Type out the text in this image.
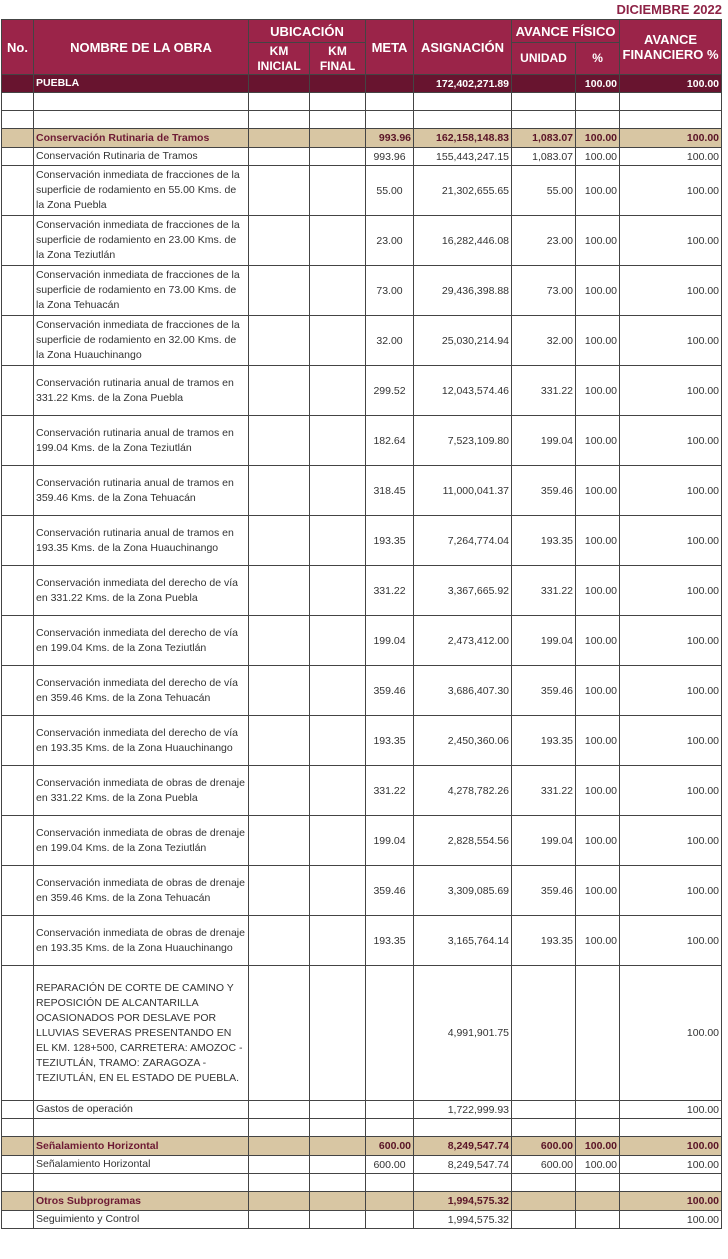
DICIEMBRE 2022
No.	NOMBRE DE LA OBRA	UBICACIÓN		META	ASIGNACIÓN	AVANCE FÍSICO		AVANCE FINANCIERO %
		KM INICIAL	KM FINAL			UNIDAD	%	
	PUEBLA				172,402,271.89		100.00	100.00

	Conservación Rutinaria de Tramos			993.96	162,158,148.83	1,083.07	100.00	100.00
	Conservación Rutinaria de Tramos			993.96	155,443,247.15	1,083.07	100.00	100.00
	Conservación inmediata de fracciones de la superficie de rodamiento en 55.00 Kms. de la Zona Puebla			55.00	21,302,655.65	55.00	100.00	100.00
	Conservación inmediata de fracciones de la superficie de rodamiento en 23.00 Kms. de la Zona Teziutlán			23.00	16,282,446.08	23.00	100.00	100.00
	Conservación inmediata de fracciones de la superficie de rodamiento en 73.00 Kms. de la Zona Tehuacán			73.00	29,436,398.88	73.00	100.00	100.00
	Conservación inmediata de fracciones de la superficie de rodamiento en 32.00 Kms. de la Zona Huauchinango			32.00	25,030,214.94	32.00	100.00	100.00
	Conservación rutinaria anual de tramos en 331.22 Kms. de la Zona Puebla			299.52	12,043,574.46	331.22	100.00	100.00
	Conservación rutinaria anual de tramos en 199.04 Kms. de la Zona Teziutlán			182.64	7,523,109.80	199.04	100.00	100.00
	Conservación rutinaria anual de tramos en 359.46 Kms. de la Zona Tehuacán			318.45	11,000,041.37	359.46	100.00	100.00
	Conservación rutinaria anual de tramos en 193.35 Kms. de la Zona Huauchinango			193.35	7,264,774.04	193.35	100.00	100.00
	Conservación inmediata del derecho de vía en 331.22 Kms. de la Zona Puebla			331.22	3,367,665.92	331.22	100.00	100.00
	Conservación inmediata del derecho de vía en 199.04 Kms. de la Zona Teziutlán			199.04	2,473,412.00	199.04	100.00	100.00
	Conservación inmediata del derecho de vía en 359.46 Kms. de la Zona Tehuacán			359.46	3,686,407.30	359.46	100.00	100.00
	Conservación inmediata del derecho de vía en 193.35 Kms. de la Zona Huauchinango			193.35	2,450,360.06	193.35	100.00	100.00
	Conservación inmediata de obras de drenaje en 331.22 Kms. de la Zona Puebla			331.22	4,278,782.26	331.22	100.00	100.00
	Conservación inmediata de obras de drenaje en 199.04 Kms. de la Zona Teziutlán			199.04	2,828,554.56	199.04	100.00	100.00
	Conservación inmediata de obras de drenaje en 359.46 Kms. de la Zona Tehuacán			359.46	3,309,085.69	359.46	100.00	100.00
	Conservación inmediata de obras de drenaje en 193.35 Kms. de la Zona Huauchinango			193.35	3,165,764.14	193.35	100.00	100.00
	REPARACIÓN DE CORTE DE CAMINO Y REPOSICIÓN DE ALCANTARILLA OCASIONADOS POR DESLAVE POR LLUVIAS SEVERAS PRESENTANDO EN EL KM. 128+500, CARRETERA: AMOZOC - TEZIUTLÁN, TRAMO: ZARAGOZA - TEZIUTLÁN, EN EL ESTADO DE PUEBLA.				4,991,901.75			100.00
	Gastos de operación				1,722,999.93			100.00

	Señalamiento Horizontal			600.00	8,249,547.74	600.00	100.00	100.00
	Señalamiento Horizontal			600.00	8,249,547.74	600.00	100.00	100.00

	Otros Subprogramas				1,994,575.32			100.00
	Seguimiento y Control				1,994,575.32			100.00
